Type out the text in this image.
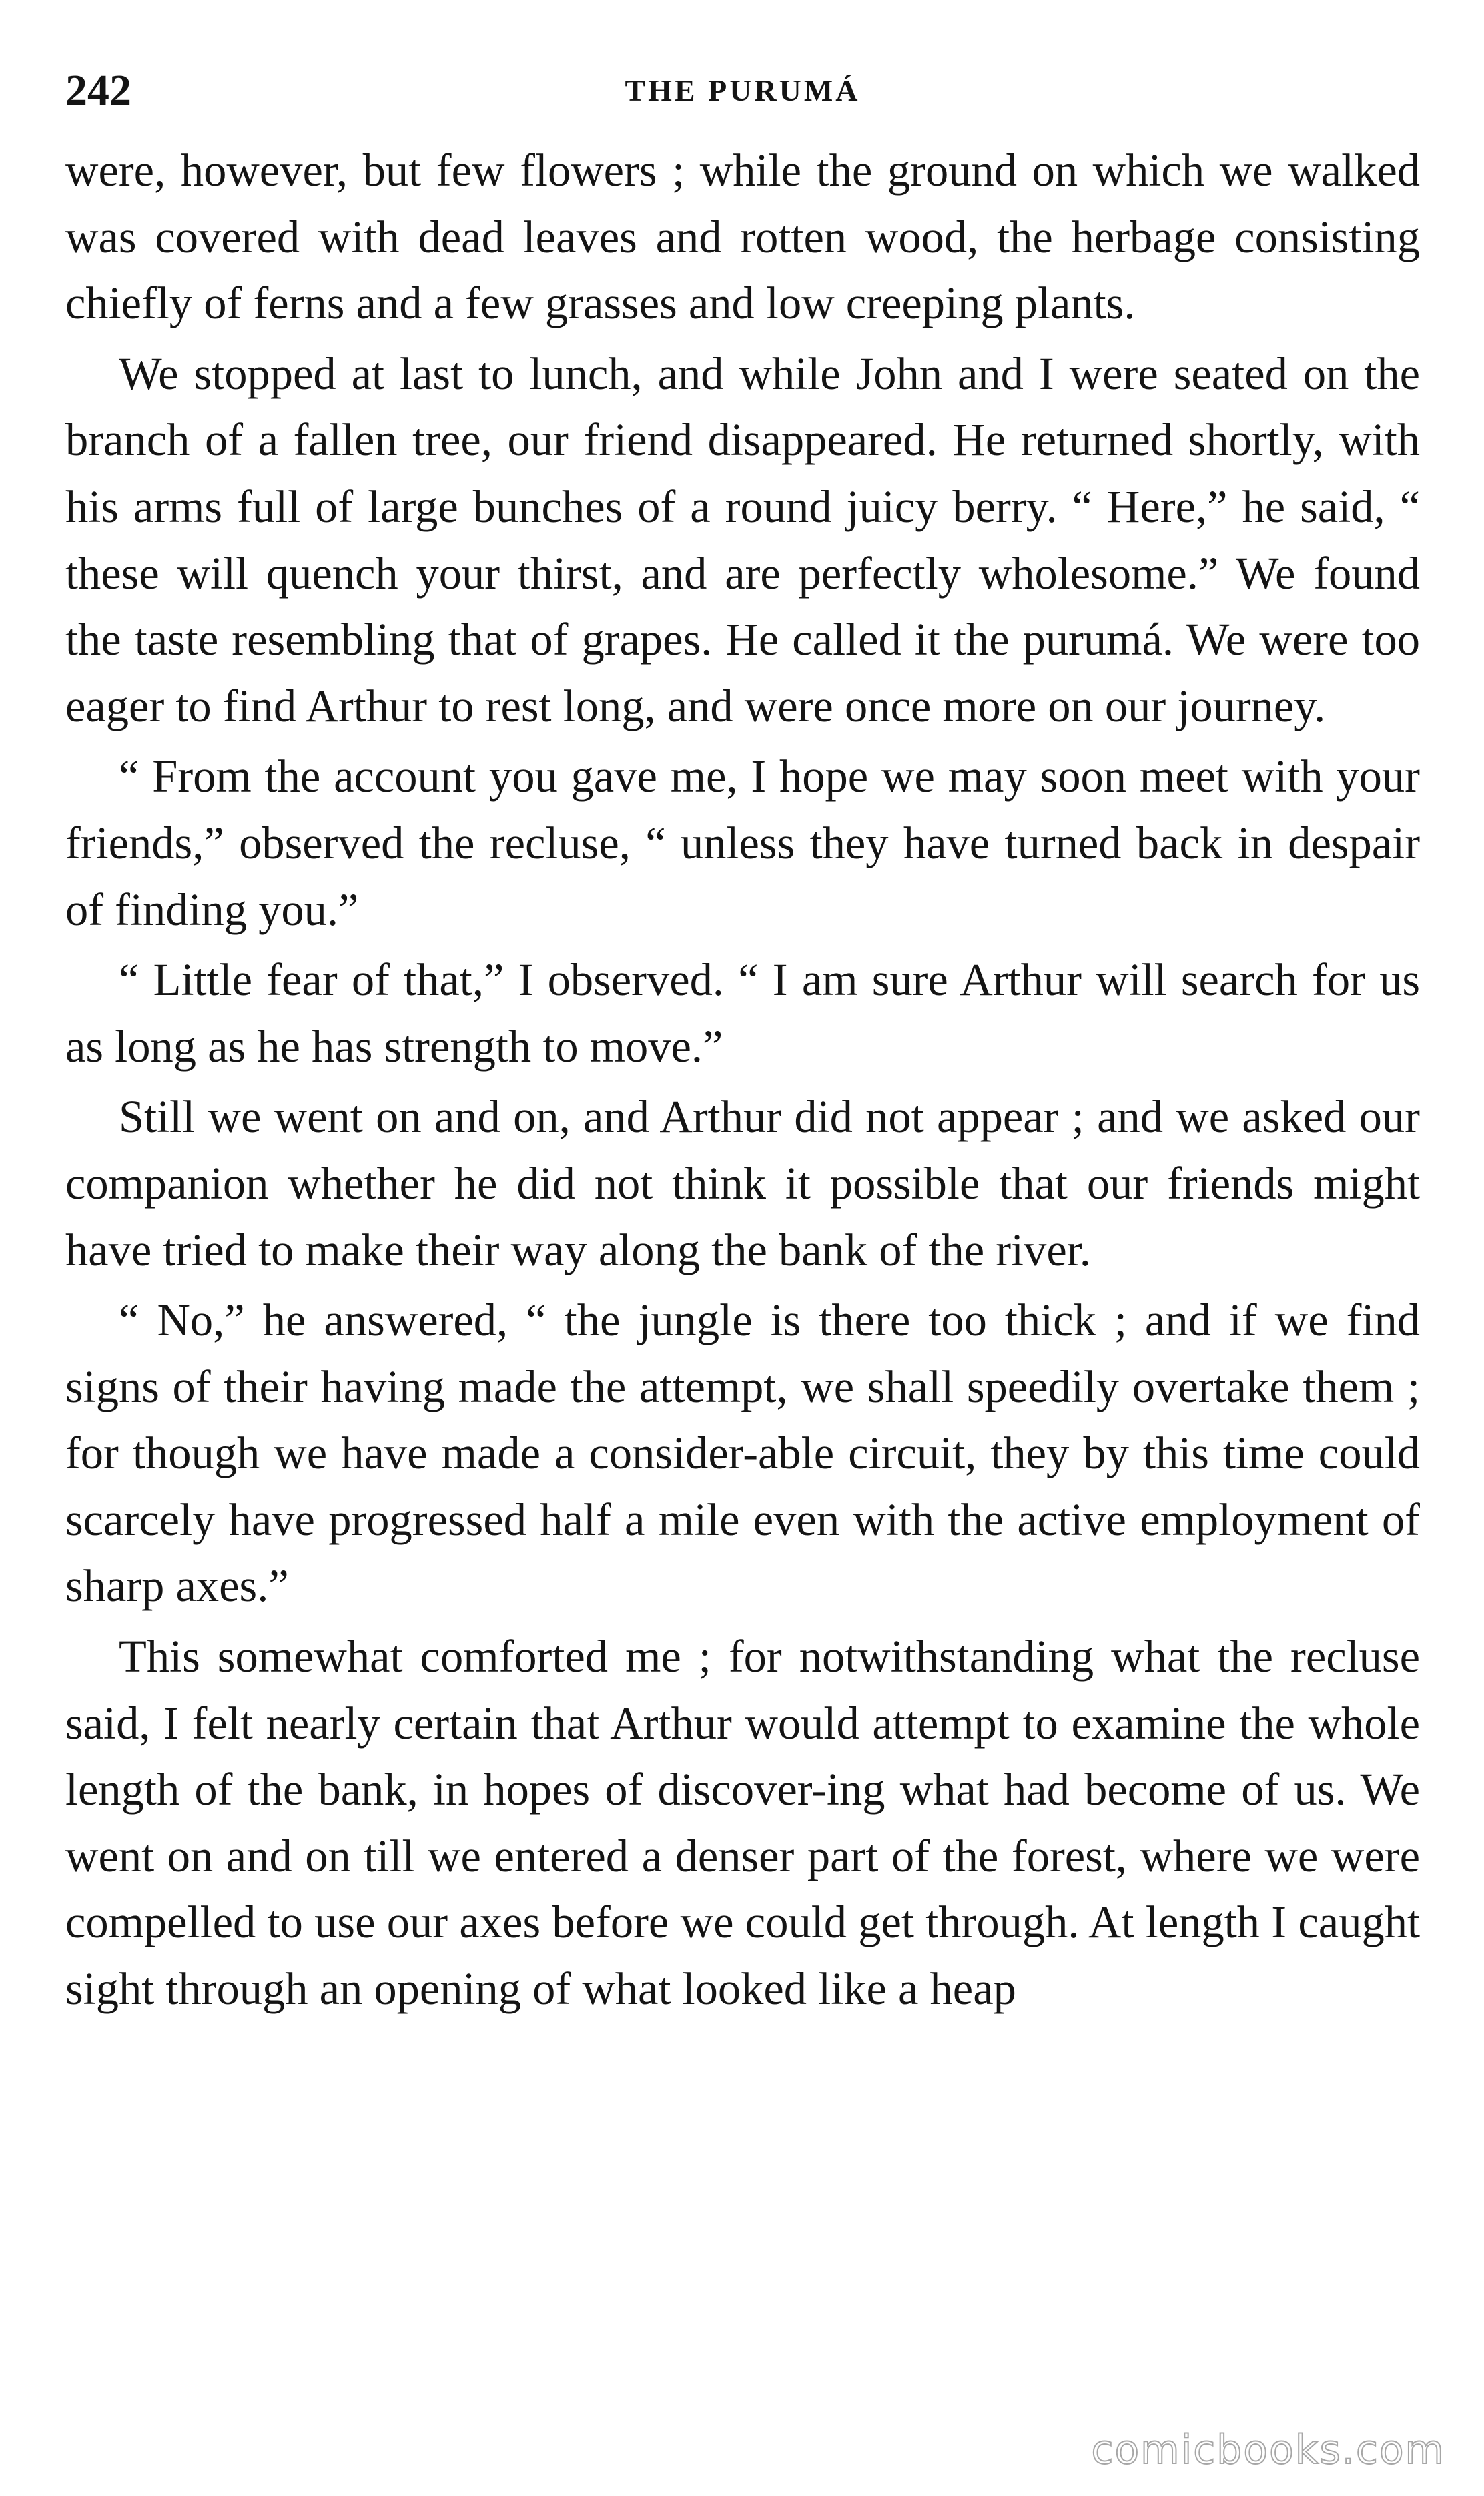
242	THE PURUMÁ

were, however, but few flowers ; while the ground on which we walked was covered with dead leaves and rotten wood, the herbage consisting chiefly of ferns and a few grasses and low creeping plants.

We stopped at last to lunch, and while John and I were seated on the branch of a fallen tree, our friend disappeared. He returned shortly, with his arms full of large bunches of a round juicy berry. “ Here,” he said, “ these will quench your thirst, and are perfectly wholesome.” We found the taste resembling that of grapes. He called it the purumá. We were too eager to find Arthur to rest long, and were once more on our journey.

“ From the account you gave me, I hope we may soon meet with your friends,” observed the recluse, “ unless they have turned back in despair of finding you.”

“ Little fear of that,” I observed. “ I am sure Arthur will search for us as long as he has strength to move.”

Still we went on and on, and Arthur did not appear ; and we asked our companion whether he did not think it possible that our friends might have tried to make their way along the bank of the river.

“ No,” he answered, “ the jungle is there too thick ; and if we find signs of their having made the attempt, we shall speedily overtake them ; for though we have made a consider-able circuit, they by this time could scarcely have progressed half a mile even with the active employment of sharp axes.”

This somewhat comforted me ; for notwithstanding what the recluse said, I felt nearly certain that Arthur would attempt to examine the whole length of the bank, in hopes of discover-ing what had become of us. We went on and on till we entered a denser part of the forest, where we were compelled to use our axes before we could get through. At length I caught sight through an opening of what looked like a heap

comicbooks.com
